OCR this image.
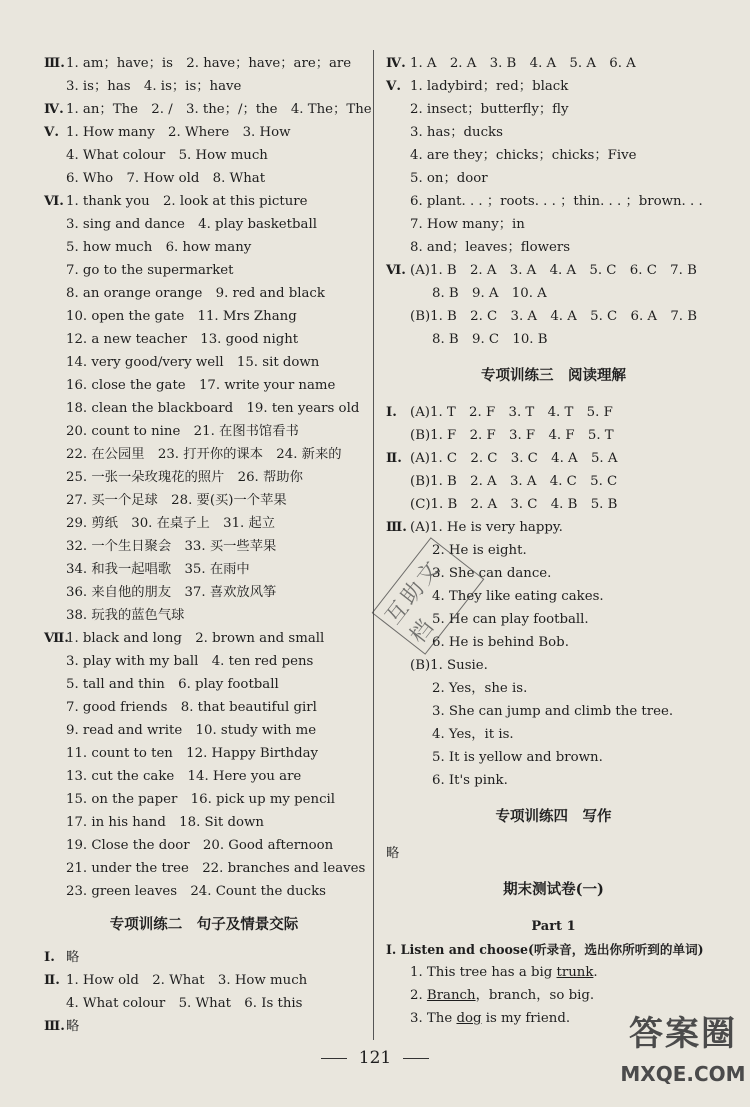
Ⅲ. 1. am；have；is　2. have；have；are；are
3. is；has　4. is；is；have
Ⅳ. 1. an；The　2. /　3. the；/；the　4. The；The
Ⅴ. 1. How many　2. Where　3. How
4. What colour　5. How much
6. Who　7. How old　8. What
Ⅵ. 1. thank you　2. look at this picture
3. sing and dance　4. play basketball
5. how much　6. how many
7. go to the supermarket
8. an orange orange　9. red and black
10. open the gate　11. Mrs Zhang
12. a new teacher　13. good night
14. very good/very well　15. sit down
16. close the gate　17. write your name
18. clean the blackboard　19. ten years old
20. count to nine　21. 在图书馆看书
22. 在公园里　23. 打开你的课本　24. 新来的
25. 一张一朵玫瑰花的照片　26. 帮助你
27. 买一个足球　28. 要(买)一个苹果
29. 剪纸　30. 在桌子上　31. 起立
32. 一个生日聚会　33. 买一些苹果
34. 和我一起唱歌　35. 在雨中
36. 来自他的朋友　37. 喜欢放风筝
38. 玩我的蓝色气球
Ⅶ.
1. black and long　2. brown and small
3. play with my ball　4. ten red pens
5. tall and thin　6. play football
7. good friends　8. that beautiful girl
9. read and write　10. study with me
11. count to ten　12. Happy Birthday
13. cut the cake　14. Here you are
15. on the paper　16. pick up my pencil
17. in his hand　18. Sit down
19. Close the door　20. Good afternoon
21. under the tree　22. branches and leaves
23. green leaves　24. Count the ducks
专项训练二　句子及情景交际
Ⅰ. 略
Ⅱ. 1. How old　2. What　3. How much
4. What colour　5. What　6. Is this
Ⅲ. 略
Ⅳ. 1. A　2. A　3. B　4. A　5. A　6. A
Ⅴ. 1. ladybird；red；black
2. insect；butterfly；fly
3. has；ducks
4. are they；chicks；chicks；Five
5. on；door
6. plant. . . ；roots. . . ；thin. . . ；brown. . .
7. How many；in
8. and；leaves；flowers
Ⅵ. (A)1. B　2. A　3. A　4. A　5. C　6. C　7. B
8. B　9. A　10. A
(B)1. B　2. C　3. A　4. A　5. C　6. A　7. B
8. B　9. C　10. B
专项训练三　阅读理解
Ⅰ. (A)1. T　2. F　3. T　4. T　5. F
(B)1. F　2. F　3. F　4. F　5. T
Ⅱ. (A)1. C　2. C　3. C　4. A　5. A
(B)1. B　2. A　3. A　4. C　5. C
(C)1. B　2. A　3. C　4. B　5. B
Ⅲ. (A)1. He is very happy.
2. He is eight.
3. She can dance.
4. They like eating cakes.
5. He can play football.
6. He is behind Bob.
(B)1. Susie.
2. Yes，she is.
3. She can jump and climb the tree.
4. Yes，it is.
5. It is yellow and brown.
6. It's pink.
专项训练四　写作
略
期末测试卷(一)
Part 1
Ⅰ. Listen and choose(听录音，选出你所听到的单词)
1. This tree has a big trunk.
2. Branch，branch，so big.
3. The dog is my friend.
互助文档
121
答案圈
MXQE.COM
